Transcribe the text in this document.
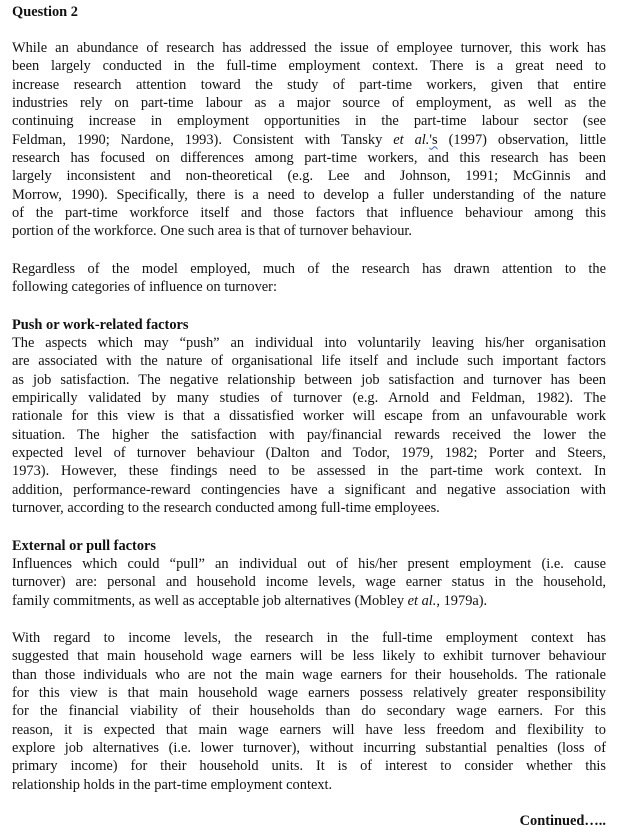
Question 2

While an abundance of research has addressed the issue of employee turnover, this work has
been largely conducted in the full-time employment context. There is a great need to
increase research attention toward the study of part-time workers, given that entire
industries rely on part-time labour as a major source of employment, as well as the
continuing increase in employment opportunities in the part-time labour sector (see
Feldman, 1990; Nardone, 1993). Consistent with Tansky et al.'s (1997) observation, little
research has focused on differences among part-time workers, and this research has been
largely inconsistent and non-theoretical (e.g. Lee and Johnson, 1991; McGinnis and
Morrow, 1990). Specifically, there is a need to develop a fuller understanding of the nature
of the part-time workforce itself and those factors that influence behaviour among this
portion of the workforce. One such area is that of turnover behaviour.
Regardless of the model employed, much of the research has drawn attention to the
following categories of influence on turnover:

Push or work-related factors

The aspects which may “push” an individual into voluntarily leaving his/her organisation
are associated with the nature of organisational life itself and include such important factors
as job satisfaction. The negative relationship between job satisfaction and turnover has been
empirically validated by many studies of turnover (e.g. Arnold and Feldman, 1982). The
rationale for this view is that a dissatisfied worker will escape from an unfavourable work
situation. The higher the satisfaction with pay/financial rewards received the lower the
expected level of turnover behaviour (Dalton and Todor, 1979, 1982; Porter and Steers,
1973). However, these findings need to be assessed in the part-time work context. In
addition, performance-reward contingencies have a significant and negative association with
turnover, according to the research conducted among full-time employees.

External or pull factors

Influences which could “pull” an individual out of his/her present employment (i.e. cause
turnover) are: personal and household income levels, wage earner status in the household,
family commitments, as well as acceptable job alternatives (Mobley et al., 1979a).
With regard to income levels, the research in the full-time employment context has
suggested that main household wage earners will be less likely to exhibit turnover behaviour
than those individuals who are not the main wage earners for their households. The rationale
for this view is that main household wage earners possess relatively greater responsibility
for the financial viability of their households than do secondary wage earners. For this
reason, it is expected that main wage earners will have less freedom and flexibility to
explore job alternatives (i.e. lower turnover), without incurring substantial penalties (loss of
primary income) for their household units. It is of interest to consider whether this
relationship holds in the part-time employment context.

Continued…..
